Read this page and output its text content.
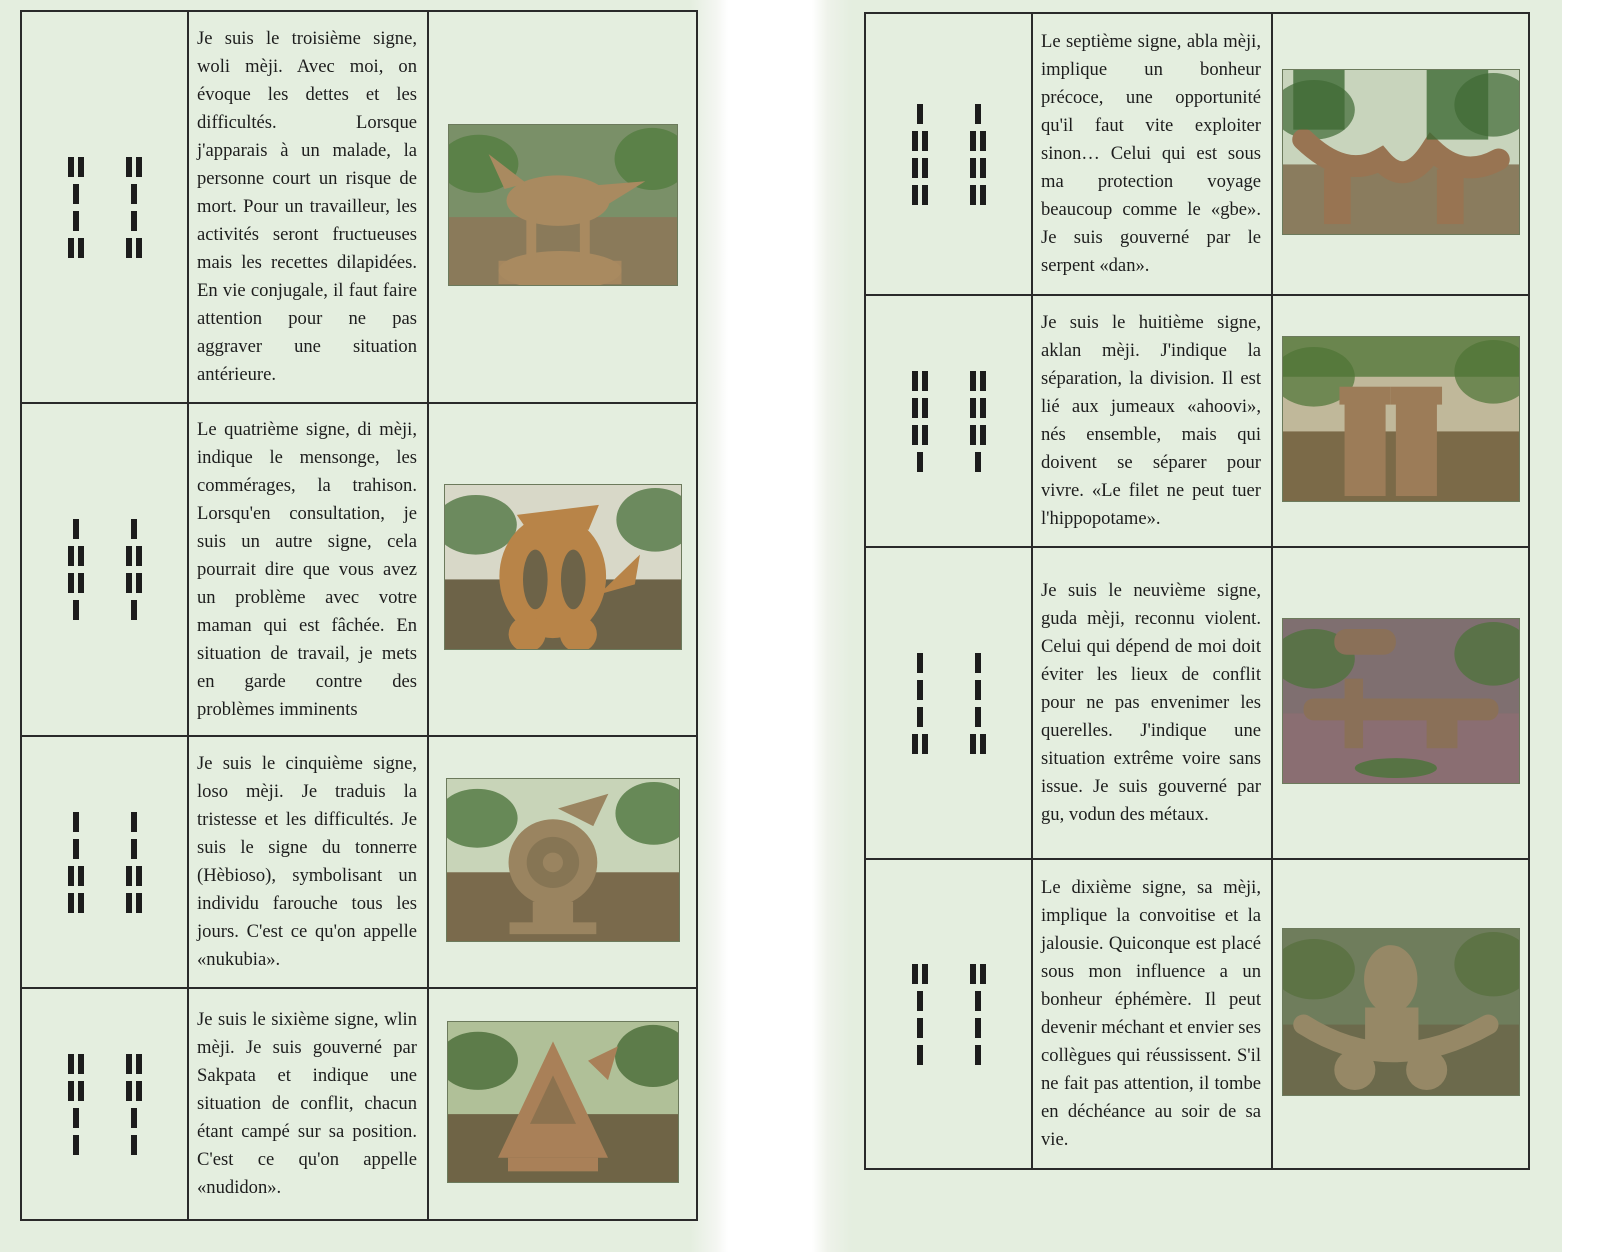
	Je suis le troisième signe, woli mèji. Avec moi, on évoque les dettes et les difficultés. Lorsque j'apparais à un malade, la personne court un risque de mort. Pour un travailleur, les activités seront fructueuses mais les recettes dilapidées. En vie conjugale, il faut faire attention pour ne pas aggraver une situation antérieure.

	Le quatrième signe, di mèji, indique le mensonge, les commérages, la trahison. Lorsqu'en consultation, je suis un autre signe, cela pourrait dire que vous avez un problème avec votre maman qui est fâchée. En situation de travail, je mets en garde contre des problèmes imminents

	Je suis le cinquième signe, loso mèji. Je traduis la tristesse et les difficultés. Je suis le signe du tonnerre (Hèbioso), symbolisant un individu farouche tous les jours. C'est ce qu'on appelle «nukubia».

	Je suis le sixième signe, wlin mèji. Je suis gouverné par Sakpata et indique une situation de conflit, chacun étant campé sur sa position. C'est ce qu'on appelle «nudidon».

	Le septième signe, abla mèji, implique un bonheur précoce, une opportunité qu'il faut vite exploiter sinon… Celui qui est sous ma protection voyage beaucoup comme le «gbe». Je suis gouverné par le serpent «dan».

	Je suis le huitième signe, aklan mèji. J'indique la séparation, la division. Il est lié aux jumeaux «ahoovi», nés ensemble, mais qui doivent se séparer pour vivre. «Le filet ne peut tuer l'hippopotame».

	Je suis le neuvième signe, guda mèji, reconnu violent. Celui qui dépend de moi doit éviter les lieux de conflit pour ne pas envenimer les querelles. J'indique une situation extrême voire sans issue. Je suis gouverné par gu, vodun des métaux.

	Le dixième signe, sa mèji, implique la convoitise et la jalousie. Quiconque est placé sous mon influence a un bonheur éphémère. Il peut devenir méchant et envier ses collègues qui réussissent. S'il ne fait pas attention, il tombe en déchéance au soir de sa vie.
